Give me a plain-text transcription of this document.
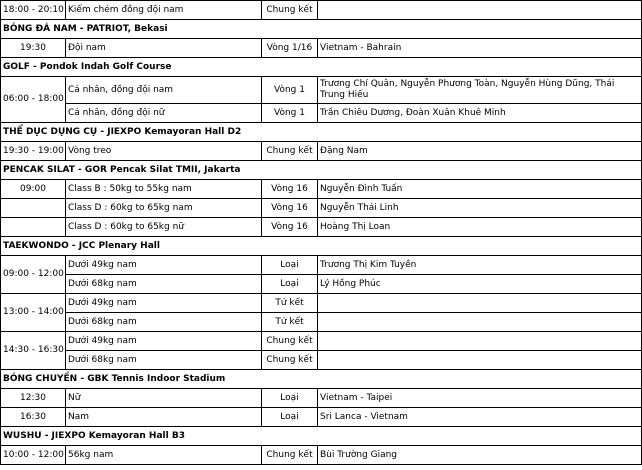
18:00 - 20:10	Kiếm chém đồng đội nam	Chung kết	
BÓNG ĐÁ NAM - PATRIOT, Bekasi			
19:30	Đội nam	Vòng 1/16	Vietnam - Bahrain
GOLF - Pondok Indah Golf Course			
06:00 - 18:00	Cá nhân, đồng đội nam	Vòng 1	Trương Chí Quân, Nguyễn Phương Toàn, Nguyễn Hùng Dũng, Thái Trung Hiếu
	Cá nhân, đồng đội nữ	Vòng 1	Trần Chiêu Dương, Đoàn Xuân Khuê Minh
THỂ DỤC DỤNG CỤ - JIEXPO Kemayoran Hall D2			
19:30 - 19:00	Vòng treo	Chung kết	Đặng Nam
PENCAK SILAT - GOR Pencak Silat TMII, Jakarta			
09:00	Class B : 50kg to 55kg nam	Vòng 16	Nguyễn Đình Tuấn
	Class D : 60kg to 65kg nam	Vòng 16	Nguyễn Thái Linh
	Class D : 60kg to 65kg nữ	Vòng 16	Hoàng Thị Loan
TAEKWONDO - JCC Plenary Hall			
09:00 - 12:00	Dưới 49kg nam	Loại	Trương Thị Kim Tuyền
	Dưới 68kg nam	Loại	Lý Hồng Phúc
13:00 - 14:00	Dưới 49kg nam	Tứ kết	
	Dưới 68kg nam	Tứ kết	
14:30 - 16:30	Dưới 49kg nam	Chung kết	
	Dưới 68kg nam	Chung kết	
BÓNG CHUYỀN - GBK Tennis Indoor Stadium			
12:30	Nữ	Loại	Vietnam - Taipei
16:30	Nam	Loại	Sri Lanca - Vietnam
WUSHU - JIEXPO Kemayoran Hall B3			
10:00 - 12:00	56kg nam	Chung kết	Bùi Trường Giang
